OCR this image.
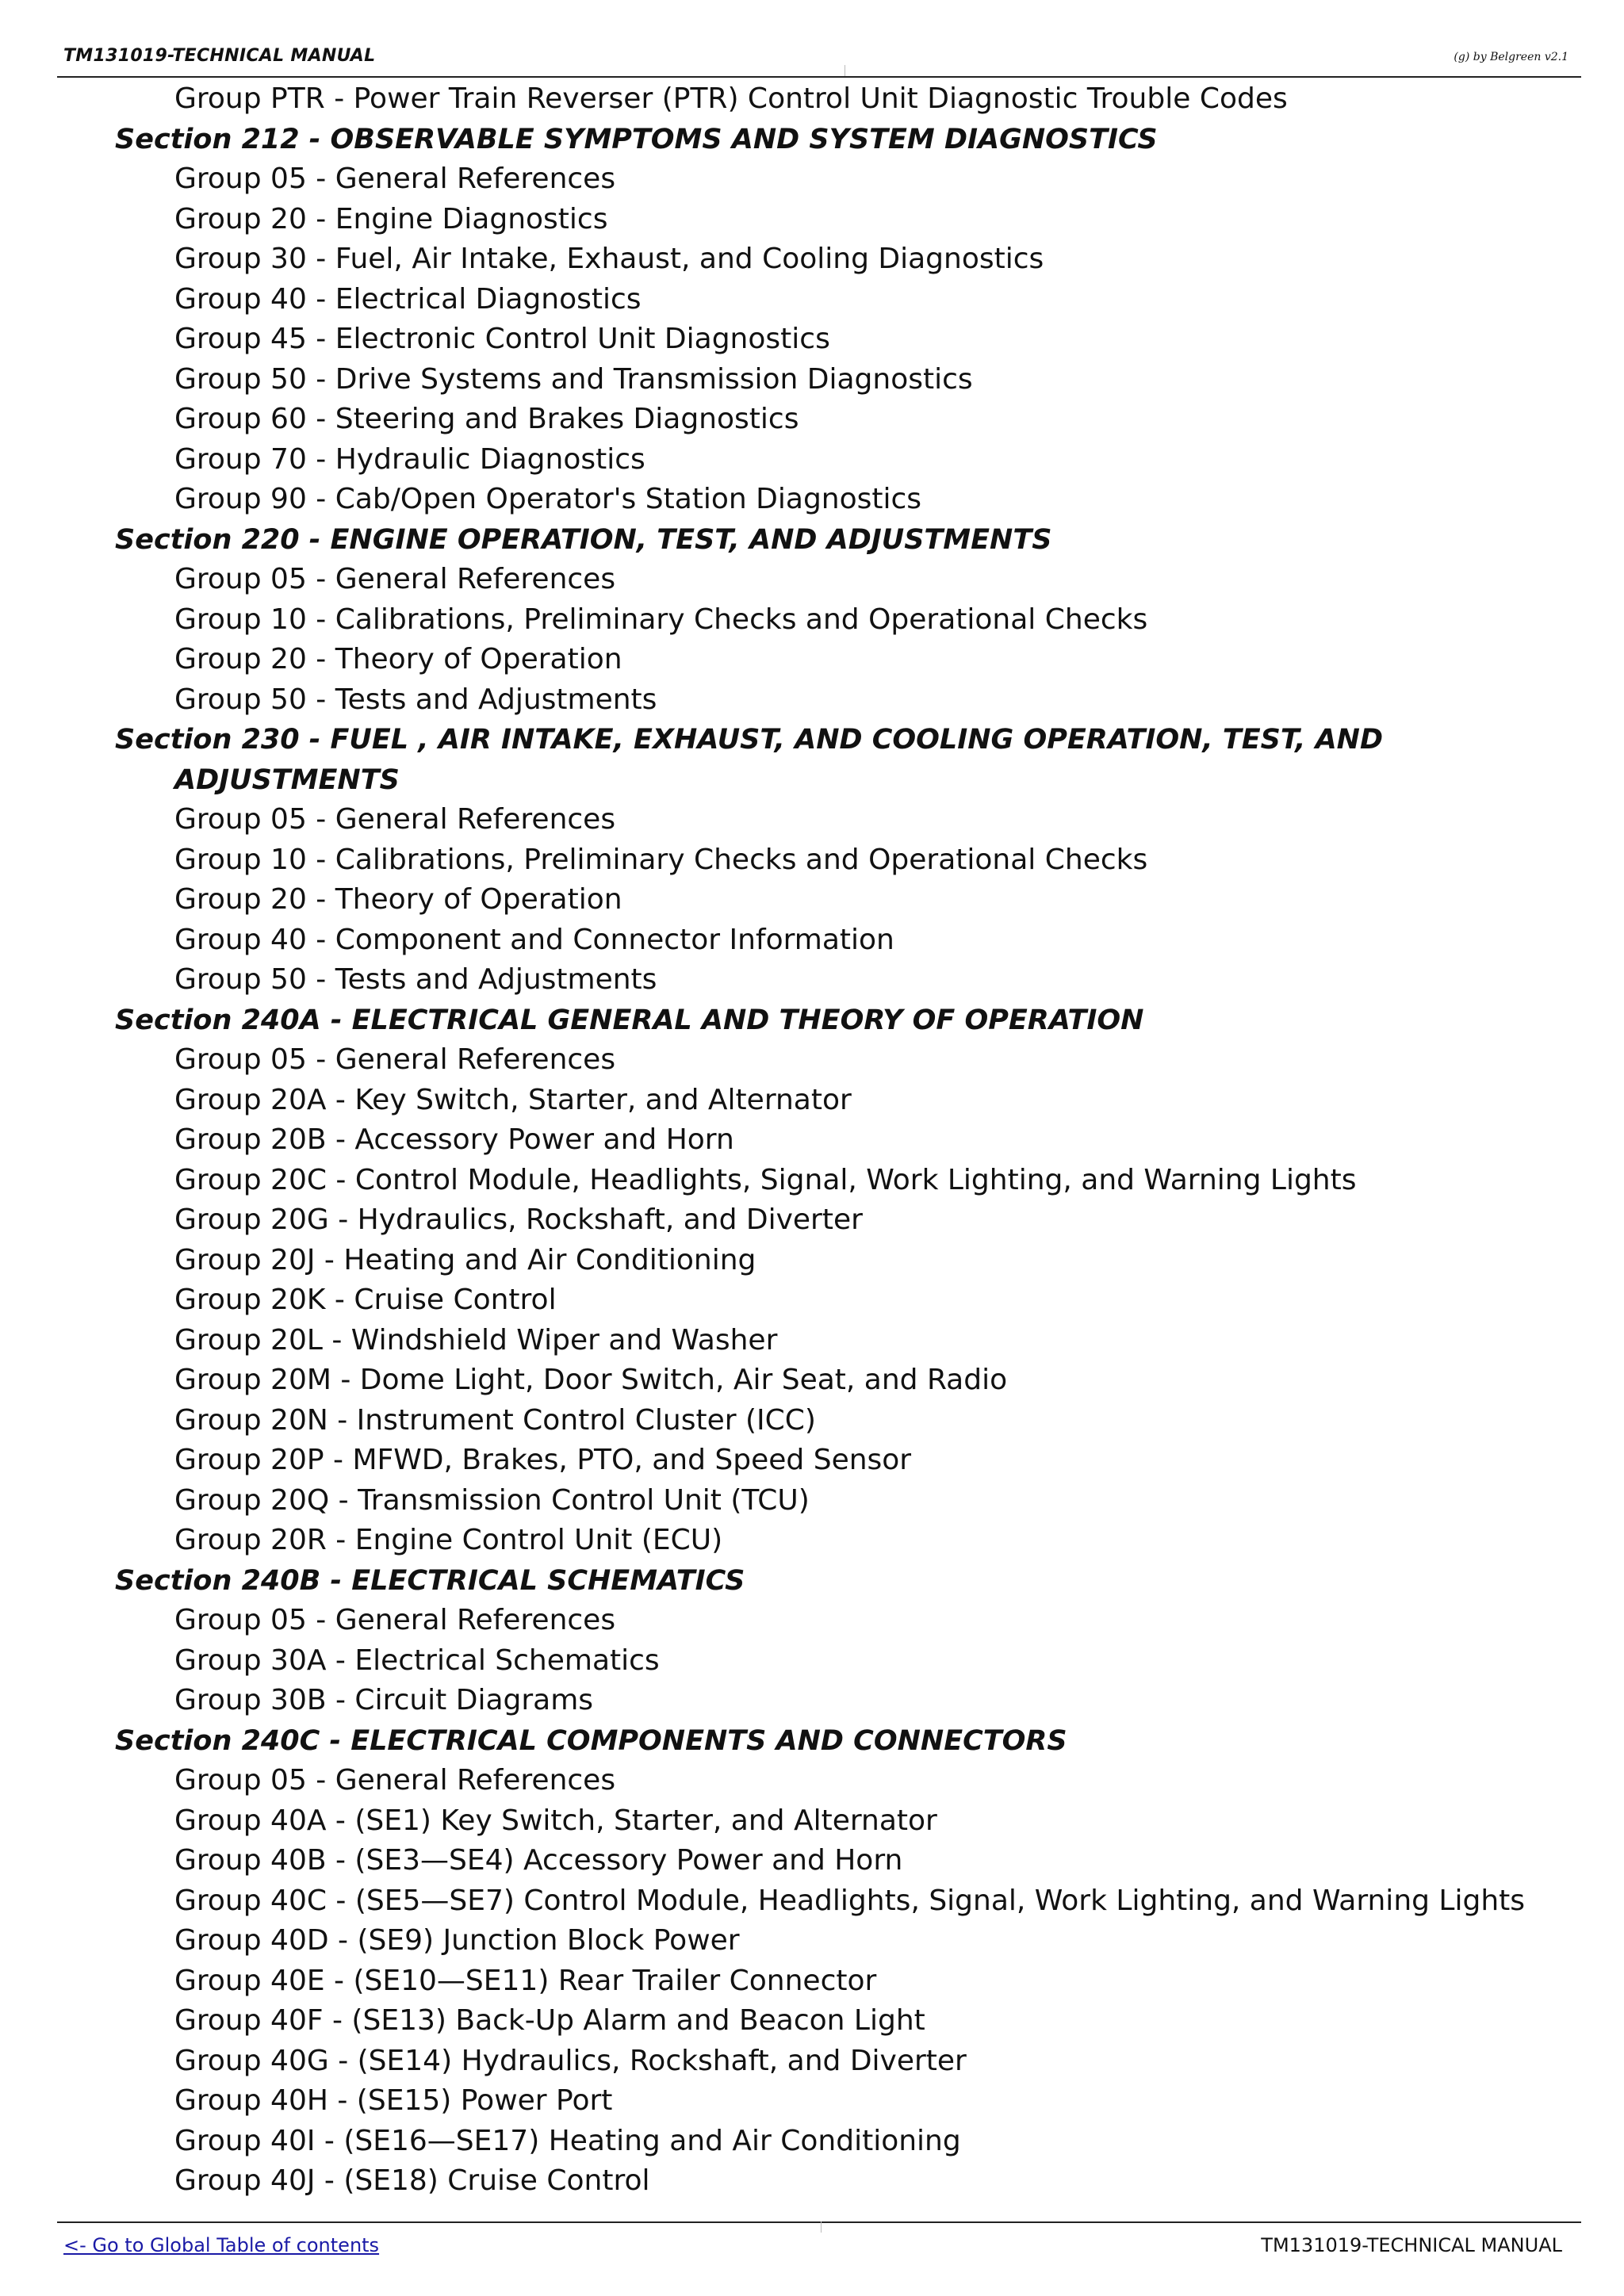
TM131019-TECHNICAL MANUAL	(g) by Belgreen v2.1
Group PTR - Power Train Reverser (PTR) Control Unit Diagnostic Trouble Codes
Section 212 - OBSERVABLE SYMPTOMS AND SYSTEM DIAGNOSTICS
Group 05 - General References
Group 20 - Engine Diagnostics
Group 30 - Fuel, Air Intake, Exhaust, and Cooling Diagnostics
Group 40 - Electrical Diagnostics
Group 45 - Electronic Control Unit Diagnostics
Group 50 - Drive Systems and Transmission Diagnostics
Group 60 - Steering and Brakes Diagnostics
Group 70 - Hydraulic Diagnostics
Group 90 - Cab/Open Operator's Station Diagnostics
Section 220 - ENGINE OPERATION, TEST, AND ADJUSTMENTS
Group 05 - General References
Group 10 - Calibrations, Preliminary Checks and Operational Checks
Group 20 - Theory of Operation
Group 50 - Tests and Adjustments
Section 230 - FUEL , AIR INTAKE, EXHAUST, AND COOLING OPERATION, TEST, AND
ADJUSTMENTS
Group 05 - General References
Group 10 - Calibrations, Preliminary Checks and Operational Checks
Group 20 - Theory of Operation
Group 40 - Component and Connector Information
Group 50 - Tests and Adjustments
Section 240A - ELECTRICAL GENERAL AND THEORY OF OPERATION
Group 05 - General References
Group 20A - Key Switch, Starter, and Alternator
Group 20B - Accessory Power and Horn
Group 20C - Control Module, Headlights, Signal, Work Lighting, and Warning Lights
Group 20G - Hydraulics, Rockshaft, and Diverter
Group 20J - Heating and Air Conditioning
Group 20K - Cruise Control
Group 20L - Windshield Wiper and Washer
Group 20M - Dome Light, Door Switch, Air Seat, and Radio
Group 20N - Instrument Control Cluster (ICC)
Group 20P - MFWD, Brakes, PTO, and Speed Sensor
Group 20Q - Transmission Control Unit (TCU)
Group 20R - Engine Control Unit (ECU)
Section 240B - ELECTRICAL SCHEMATICS
Group 05 - General References
Group 30A - Electrical Schematics
Group 30B - Circuit Diagrams
Section 240C - ELECTRICAL COMPONENTS AND CONNECTORS
Group 05 - General References
Group 40A - (SE1) Key Switch, Starter, and Alternator
Group 40B - (SE3—SE4) Accessory Power and Horn
Group 40C - (SE5—SE7) Control Module, Headlights, Signal, Work Lighting, and Warning Lights
Group 40D - (SE9) Junction Block Power
Group 40E - (SE10—SE11) Rear Trailer Connector
Group 40F - (SE13) Back-Up Alarm and Beacon Light
Group 40G - (SE14) Hydraulics, Rockshaft, and Diverter
Group 40H - (SE15) Power Port
Group 40I - (SE16—SE17) Heating and Air Conditioning
Group 40J - (SE18) Cruise Control
<- Go to Global Table of contents	TM131019-TECHNICAL MANUAL
